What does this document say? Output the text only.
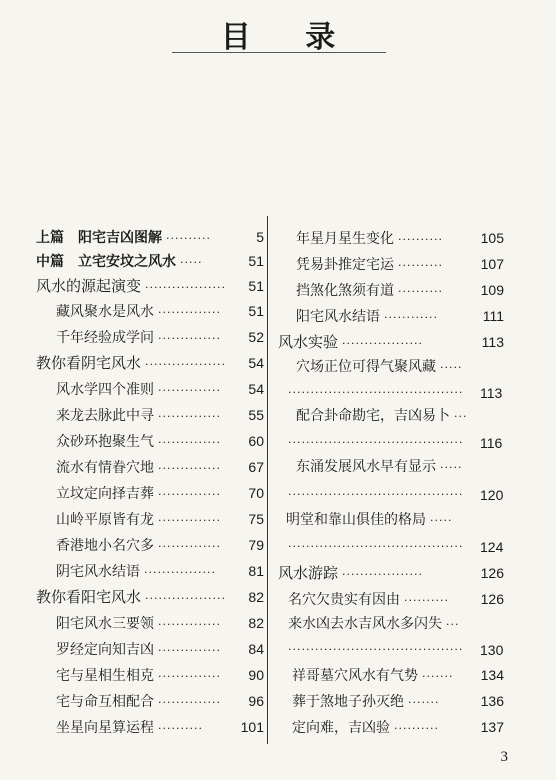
目 录
上篇　阳宅吉凶图解 ··········	5
中篇　立宅安坟之风水 ·····	51
风水的源起演变 ··················	51
藏风聚水是风水 ··············	51
千年经验成学问 ··············	52
教你看阴宅风水 ··················	54
风水学四个准则 ··············	54
来龙去脉此中寻 ··············	55
众砂环抱聚生气 ··············	60
流水有情眷穴地 ··············	67
立坟定向择吉葬 ··············	70
山岭平原皆有龙 ··············	75
香港地小名穴多 ··············	79
阴宅风水结语 ················	81
教你看阳宅风水 ··················	82
阳宅风水三要领 ··············	82
罗经定向知吉凶 ··············	84
宅与星相生相克 ··············	90
宅与命互相配合 ··············	96
坐星向星算运程 ··········	101
年星月星生变化 ··········	105
凭易卦推定宅运 ··········	107
挡煞化煞须有道 ··········	109
阳宅风水结语 ············	111
风水实验 ··················	113
穴场正位可得气聚风藏 ·····
·······································	113
配合卦命勘宅，吉凶易卜 ···
·······································	116
东涌发展风水早有显示 ·····
·······································	120
明堂和靠山俱佳的格局 ·····
·······································	124
风水游踪 ··················	126
名穴欠贵实有因由 ··········	126
来水凶去水吉风水多闪失 ···
·······································	130
祥哥墓穴风水有气势 ·······	134
葬于煞地子孙灭绝 ·······	136
定向难，吉凶验 ··········	137
3
